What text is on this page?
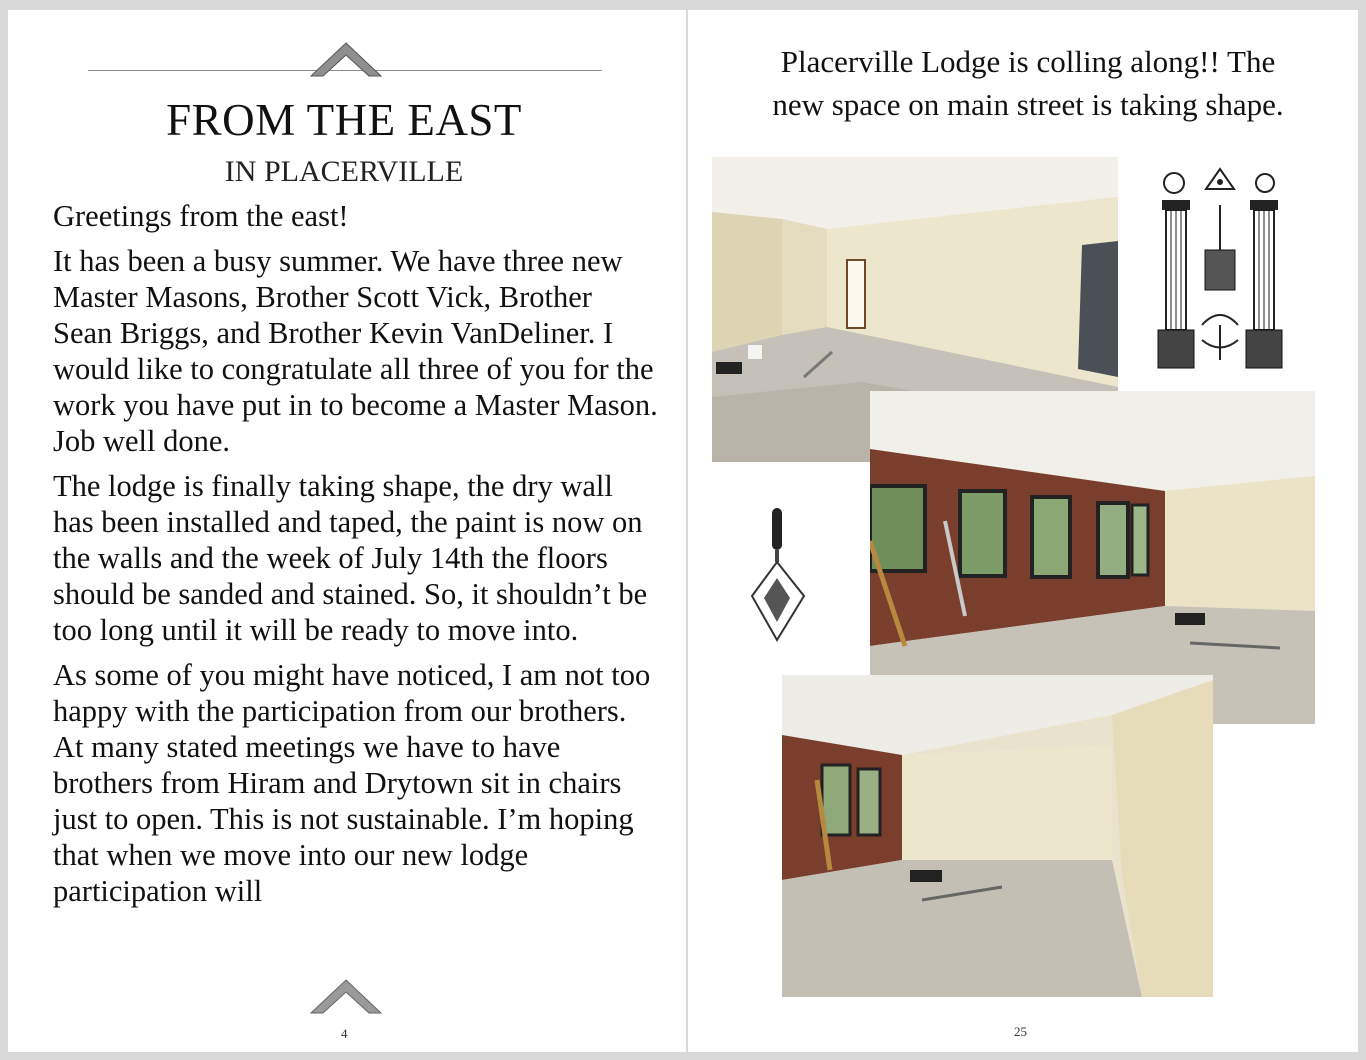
FROM THE EAST
IN PLACERVILLE

Greetings from the east!

It has been a busy summer. We have three new Master Masons, Brother Scott Vick, Brother Sean Briggs, and Brother Kevin VanDeliner. I would like to congratulate all three of you for the work you have put in to become a Master Mason. Job well done.

The lodge is finally taking shape, the dry wall has been installed and taped, the paint is now on the walls and the week of July 14th the floors should be sanded and stained. So, it shouldn’t be too long until it will be ready to move into.

As some of you might have noticed, I am not too happy with the participation from our brothers. At many stated meetings we have to have brothers from Hiram and Drytown sit in chairs just to open. This is not sustainable. I’m hoping that when we move into our new lodge participation will

4
Placerville Lodge is colling along!! The
new space on main street is taking shape.
25
